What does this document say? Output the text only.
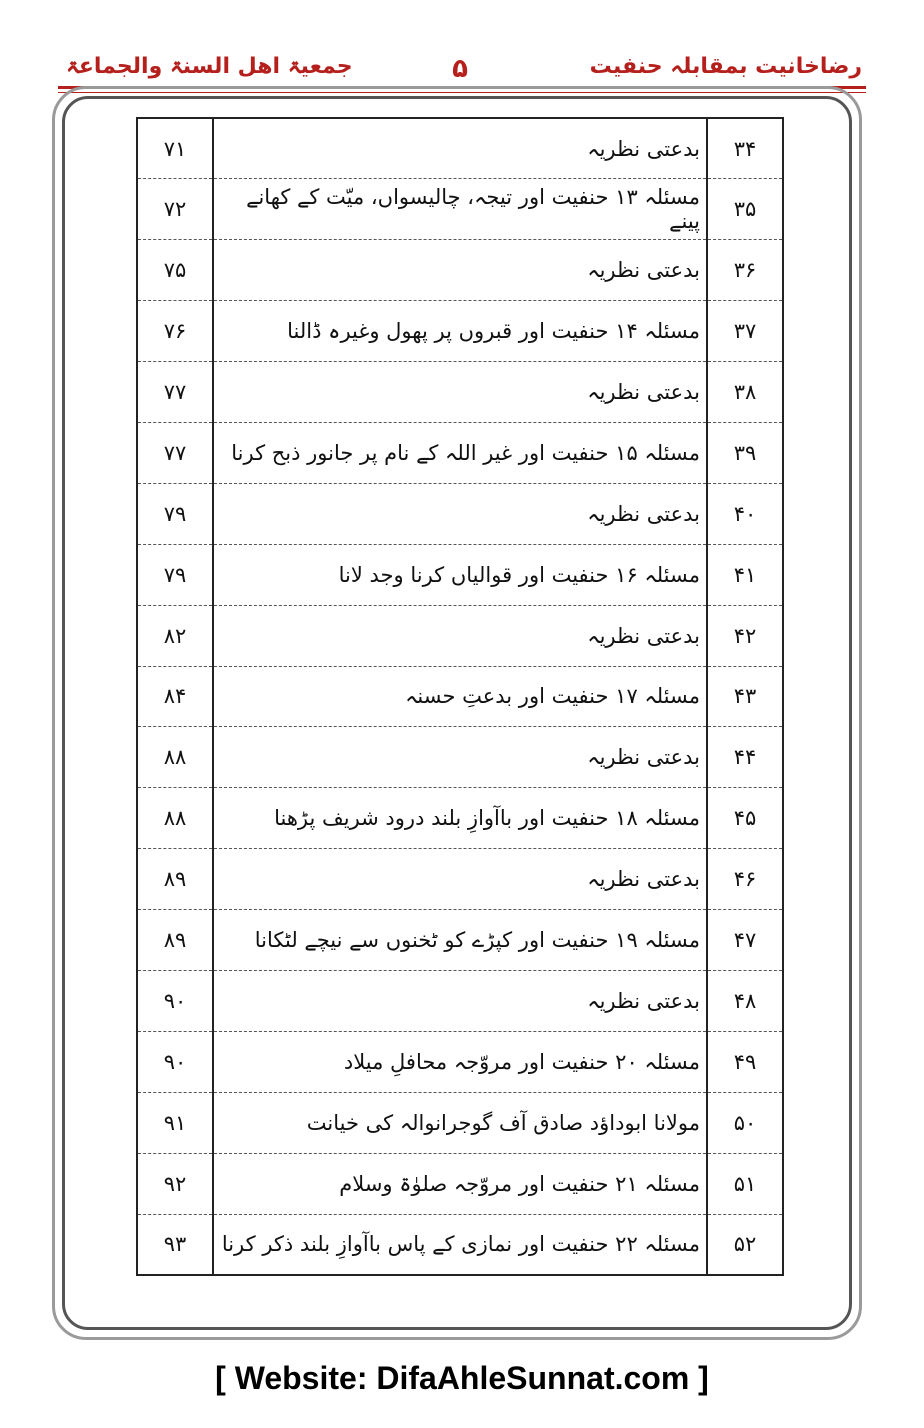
رضاخانیت بمقابلہ حنفیت
۵
جمعیۃ اھل السنۃ والجماعۃ
۷۱	بدعتی نظریہ	۳۴
۷۲	مسئلہ ۱۳ حنفیت اور تیجہ، چالیسواں، میّت کے کھانے پینے	۳۵
۷۵	بدعتی نظریہ	۳۶
۷۶	مسئلہ ۱۴ حنفیت اور قبروں پر پھول وغیرہ ڈالنا	۳۷
۷۷	بدعتی نظریہ	۳۸
۷۷	مسئلہ ۱۵ حنفیت اور غیر اللہ کے نام پر جانور ذبح کرنا	۳۹
۷۹	بدعتی نظریہ	۴۰
۷۹	مسئلہ ۱۶ حنفیت اور قوالیاں کرنا وجد لانا	۴۱
۸۲	بدعتی نظریہ	۴۲
۸۴	مسئلہ ۱۷ حنفیت اور بدعتِ حسنہ	۴۳
۸۸	بدعتی نظریہ	۴۴
۸۸	مسئلہ ۱۸ حنفیت اور باآوازِ بلند درود شریف پڑھنا	۴۵
۸۹	بدعتی نظریہ	۴۶
۸۹	مسئلہ ۱۹ حنفیت اور کپڑے کو ٹخنوں سے نیچے لٹکانا	۴۷
۹۰	بدعتی نظریہ	۴۸
۹۰	مسئلہ ۲۰ حنفیت اور مروّجہ محافلِ میلاد	۴۹
۹۱	مولانا ابوداؤد صادق آف گوجرانوالہ کی خیانت	۵۰
۹۲	مسئلہ ۲۱ حنفیت اور مروّجہ صلوٰۃ وسلام	۵۱
۹۳	مسئلہ ۲۲ حنفیت اور نمازی کے پاس باآوازِ بلند ذکر کرنا	۵۲
[ Website: DifaAhleSunnat.com ]
